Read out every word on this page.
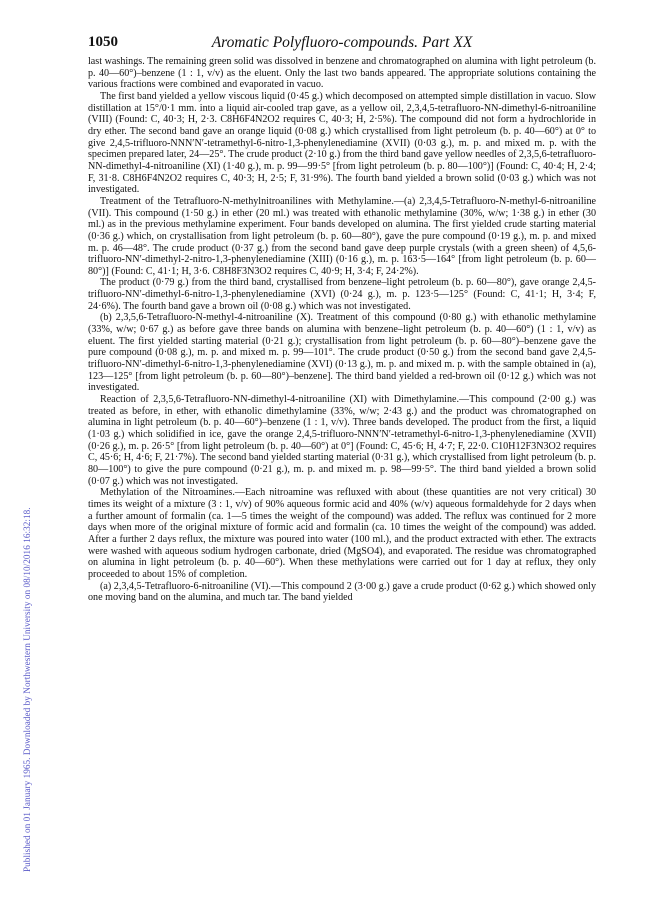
Published on 01 January 1965. Downloaded by Northwestern University on 08/10/2016 16:32:18.
1050	Aromatic Polyfluoro-compounds. Part XX

last washings. The remaining green solid was dissolved in benzene and chromatographed on alumina with light petroleum (b. p. 40—60°)–benzene (1 : 1, v/v) as the eluent. Only the last two bands appeared. The appropriate solutions containing the various fractions were combined and evaporated in vacuo.

The first band yielded a yellow viscous liquid (0·45 g.) which decomposed on attempted simple distillation in vacuo. Slow distillation at 15°/0·1 mm. into a liquid air-cooled trap gave, as a yellow oil, 2,3,4,5-tetrafluoro-NN-dimethyl-6-nitroaniline (VIII) (Found: C, 40·3; H, 2·3. C8H6F4N2O2 requires C, 40·3; H, 2·5%). The compound did not form a hydrochloride in dry ether. The second band gave an orange liquid (0·08 g.) which crystallised from light petroleum (b. p. 40—60°) at 0° to give 2,4,5-trifluoro-NNN′N′-tetramethyl-6-nitro-1,3-phenylenediamine (XVII) (0·03 g.), m. p. and mixed m. p. with the specimen prepared later, 24—25°. The crude product (2·10 g.) from the third band gave yellow needles of 2,3,5,6-tetrafluoro-NN-dimethyl-4-nitroaniline (XI) (1·40 g.), m. p. 99—99·5° [from light petroleum (b. p. 80—100°)] (Found: C, 40·4; H, 2·4; F, 31·8. C8H6F4N2O2 requires C, 40·3; H, 2·5; F, 31·9%). The fourth band yielded a brown solid (0·03 g.) which was not investigated.

Treatment of the Tetrafluoro-N-methylnitroanilines with Methylamine.—(a) 2,3,4,5-Tetrafluoro-N-methyl-6-nitroaniline (VII). This compound (1·50 g.) in ether (20 ml.) was treated with ethanolic methylamine (30%, w/w; 1·38 g.) in ether (30 ml.) as in the previous methylamine experiment. Four bands developed on alumina. The first yielded crude starting material (0·36 g.) which, on crystallisation from light petroleum (b. p. 60—80°), gave the pure compound (0·19 g.), m. p. and mixed m. p. 46—48°. The crude product (0·37 g.) from the second band gave deep purple crystals (with a green sheen) of 4,5,6-trifluoro-NN′-dimethyl-2-nitro-1,3-phenylenediamine (XIII) (0·16 g.), m. p. 163·5—164° [from light petroleum (b. p. 60—80°)] (Found: C, 41·1; H, 3·6. C8H8F3N3O2 requires C, 40·9; H, 3·4; F, 24·2%).

The product (0·79 g.) from the third band, crystallised from benzene–light petroleum (b. p. 60—80°), gave orange 2,4,5-trifluoro-NN′-dimethyl-6-nitro-1,3-phenylenediamine (XVI) (0·24 g.), m. p. 123·5—125° (Found: C, 41·1; H, 3·4; F, 24·6%). The fourth band gave a brown oil (0·08 g.) which was not investigated.

(b) 2,3,5,6-Tetrafluoro-N-methyl-4-nitroaniline (X). Treatment of this compound (0·80 g.) with ethanolic methylamine (33%, w/w; 0·67 g.) as before gave three bands on alumina with benzene–light petroleum (b. p. 40—60°) (1 : 1, v/v) as eluent. The first yielded starting material (0·21 g.); crystallisation from light petroleum (b. p. 60—80°)–benzene gave the pure compound (0·08 g.), m. p. and mixed m. p. 99—101°. The crude product (0·50 g.) from the second band gave 2,4,5-trifluoro-NN′-dimethyl-6-nitro-1,3-phenylenediamine (XVI) (0·13 g.), m. p. and mixed m. p. with the sample obtained in (a), 123—125° [from light petroleum (b. p. 60—80°)–benzene]. The third band yielded a red-brown oil (0·12 g.) which was not investigated.

Reaction of 2,3,5,6-Tetrafluoro-NN-dimethyl-4-nitroaniline (XI) with Dimethylamine.—This compound (2·00 g.) was treated as before, in ether, with ethanolic dimethylamine (33%, w/w; 2·43 g.) and the product was chromatographed on alumina in light petroleum (b. p. 40—60°)–benzene (1 : 1, v/v). Three bands developed. The product from the first, a liquid (1·03 g.) which solidified in ice, gave the orange 2,4,5-trifluoro-NNN′N′-tetramethyl-6-nitro-1,3-phenylenediamine (XVII) (0·26 g.), m. p. 26·5° [from light petroleum (b. p. 40—60°) at 0°] (Found: C, 45·6; H, 4·7; F, 22·0. C10H12F3N3O2 requires C, 45·6; H, 4·6; F, 21·7%). The second band yielded starting material (0·31 g.), which crystallised from light petroleum (b. p. 80—100°) to give the pure compound (0·21 g.), m. p. and mixed m. p. 98—99·5°. The third band yielded a brown solid (0·07 g.) which was not investigated.

Methylation of the Nitroamines.—Each nitroamine was refluxed with about (these quantities are not very critical) 30 times its weight of a mixture (3 : 1, v/v) of 90% aqueous formic acid and 40% (w/v) aqueous formaldehyde for 2 days when a further amount of formalin (ca. 1—5 times the weight of the compound) was added. The reflux was continued for 2 more days when more of the original mixture of formic acid and formalin (ca. 10 times the weight of the compound) was added. After a further 2 days reflux, the mixture was poured into water (100 ml.), and the product extracted with ether. The extracts were washed with aqueous sodium hydrogen carbonate, dried (MgSO4), and evaporated. The residue was chromatographed on alumina in light petroleum (b. p. 40—60°). When these methylations were carried out for 1 day at reflux, they only proceeded to about 15% of completion.

(a) 2,3,4,5-Tetrafluoro-6-nitroaniline (VI).—This compound 2 (3·00 g.) gave a crude product (0·62 g.) which showed only one moving band on the alumina, and much tar. The band yielded
